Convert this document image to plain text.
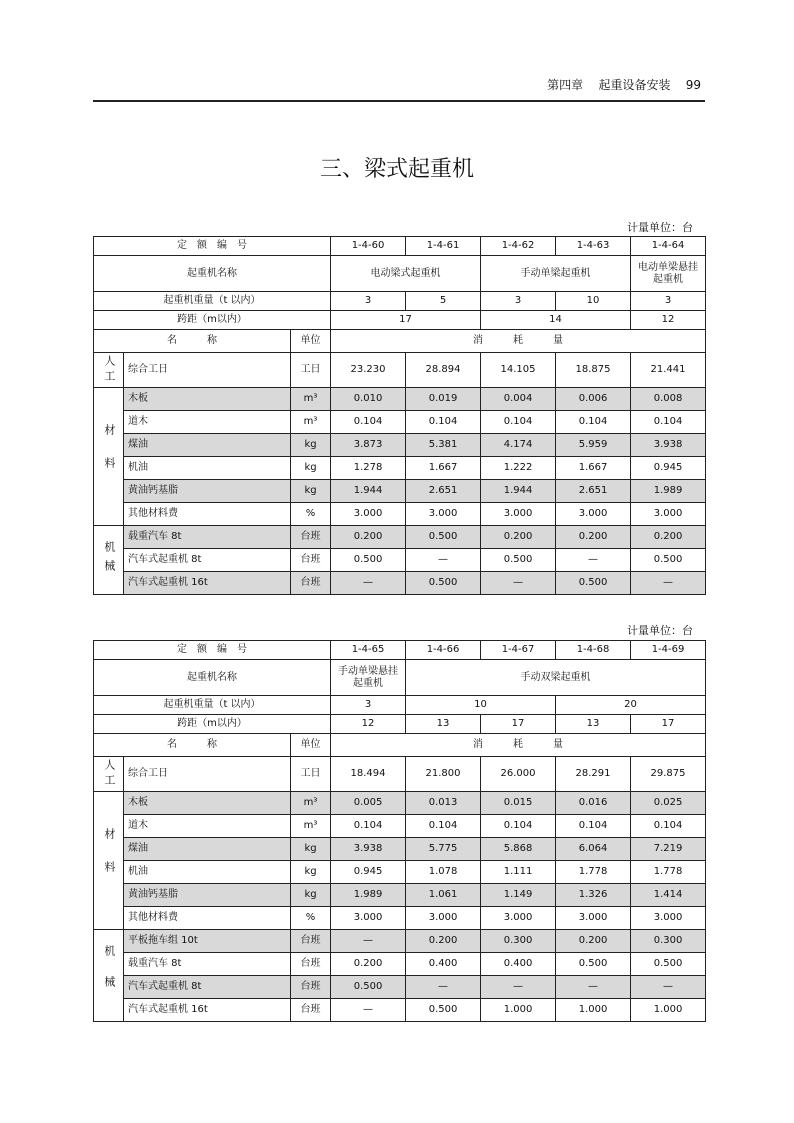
第四章 起重设备安装 99
三、梁式起重机
计量单位：台
定　额　编　号			1-4-60	1-4-61	1-4-62	1-4-63	1-4-64
起重机名称			电动梁式起重机		手动单梁起重机		电动单梁悬挂起重机
起重机重量（t 以内）			3	5	3	10	3
跨距（m以内）			17		14		12
名　　　称		单位	消　　　耗　　　量				
人工	综合工日	工日	23.230	28.894	14.105	18.875	21.441
材料	木板	m³	0.010	0.019	0.004	0.006	0.008
	道木	m³	0.104	0.104	0.104	0.104	0.104
	煤油	kg	3.873	5.381	4.174	5.959	3.938
	机油	kg	1.278	1.667	1.222	1.667	0.945
	黄油钙基脂	kg	1.944	2.651	1.944	2.651	1.989
	其他材料费	%	3.000	3.000	3.000	3.000	3.000
机械	载重汽车 8t	台班	0.200	0.500	0.200	0.200	0.200
	汽车式起重机 8t	台班	0.500	—	0.500	—	0.500
	汽车式起重机 16t	台班	—	0.500	—	0.500	—
计量单位：台
定　额　编　号			1-4-65	1-4-66	1-4-67	1-4-68	1-4-69
起重机名称			手动单梁悬挂起重机	手动双梁起重机			
起重机重量（t 以内）			3	10		20	
跨距（m以内）			12	13	17	13	17
名　　　称		单位	消　　　耗　　　量				
人工	综合工日	工日	18.494	21.800	26.000	28.291	29.875
材料	木板	m³	0.005	0.013	0.015	0.016	0.025
	道木	m³	0.104	0.104	0.104	0.104	0.104
	煤油	kg	3.938	5.775	5.868	6.064	7.219
	机油	kg	0.945	1.078	1.111	1.778	1.778
	黄油钙基脂	kg	1.989	1.061	1.149	1.326	1.414
	其他材料费	%	3.000	3.000	3.000	3.000	3.000
机械	平板拖车组 10t	台班	—	0.200	0.300	0.200	0.300
	载重汽车 8t	台班	0.200	0.400	0.400	0.500	0.500
	汽车式起重机 8t	台班	0.500	—	—	—	—
	汽车式起重机 16t	台班	—	0.500	1.000	1.000	1.000
